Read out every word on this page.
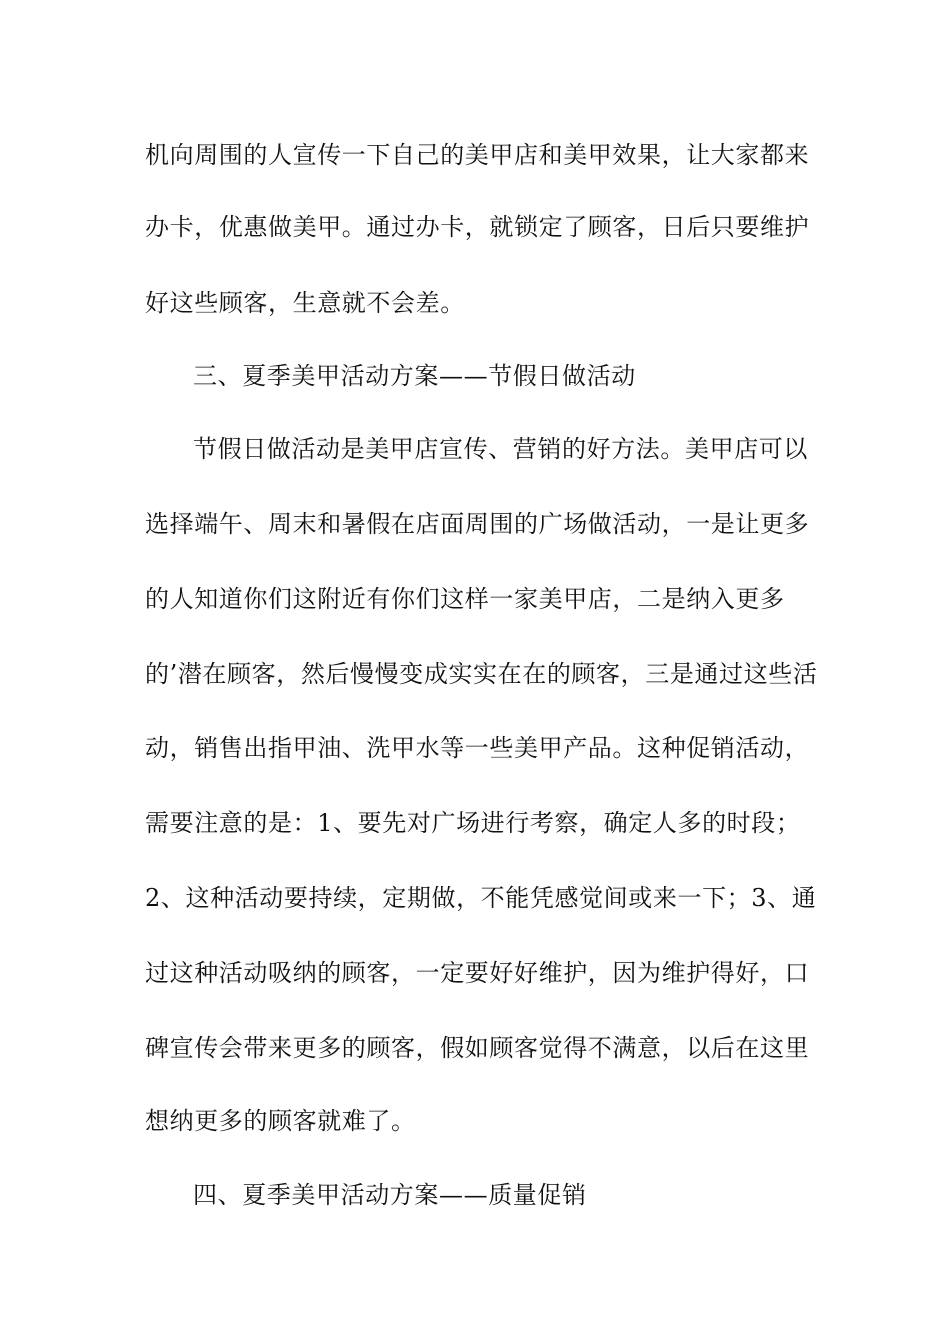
机向周围的人宣传一下自己的美甲店和美甲效果，让大家都来
办卡，优惠做美甲。通过办卡，就锁定了顾客，日后只要维护
好这些顾客，生意就不会差。
三、夏季美甲活动方案——节假日做活动
节假日做活动是美甲店宣传、营销的好方法。美甲店可以
选择端午、周末和暑假在店面周围的广场做活动，一是让更多
的人知道你们这附近有你们这样一家美甲店，二是纳入更多
的’潜在顾客，然后慢慢变成实实在在的顾客，三是通过这些活
动，销售出指甲油、洗甲水等一些美甲产品。这种促销活动，
需要注意的是：1、要先对广场进行考察，确定人多的时段；
2、这种活动要持续，定期做，不能凭感觉间或来一下；3、通
过这种活动吸纳的顾客，一定要好好维护，因为维护得好，口
碑宣传会带来更多的顾客，假如顾客觉得不满意，以后在这里
想纳更多的顾客就难了。
四、夏季美甲活动方案——质量促销
